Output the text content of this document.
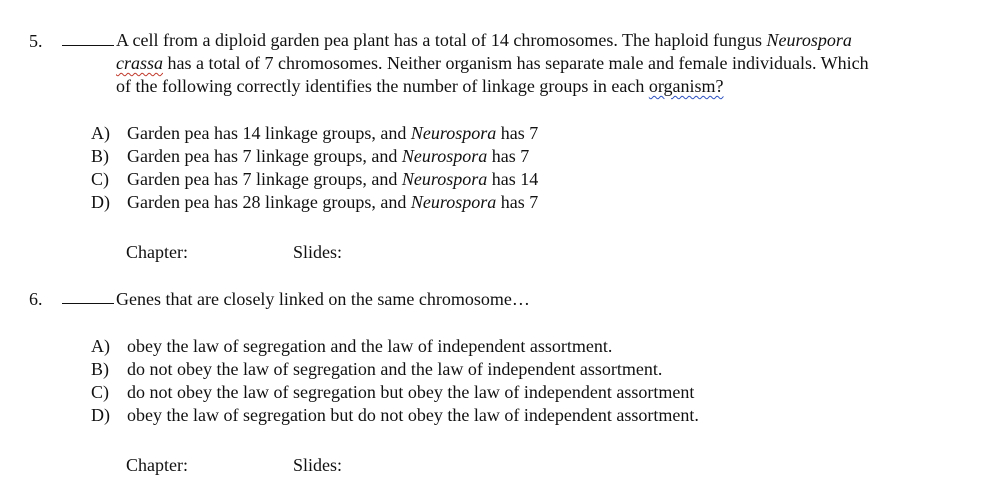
5.	A cell from a diploid garden pea plant has a total of 14 chromosomes. The haploid fungus Neurospora

crassa has a total of 7 chromosomes. Neither organism has separate male and female individuals. Which

of the following correctly identifies the number of linkage groups in each organism?

A) Garden pea has 14 linkage groups, and Neurospora has 7
B) Garden pea has 7 linkage groups, and Neurospora has 7
C) Garden pea has 7 linkage groups, and Neurospora has 14
D) Garden pea has 28 linkage groups, and Neurospora has 7
Chapter:	Slides:
6.	Genes that are closely linked on the same chromosome…

A) obey the law of segregation and the law of independent assortment.
B) do not obey the law of segregation and the law of independent assortment.
C) do not obey the law of segregation but obey the law of independent assortment
D) obey the law of segregation but do not obey the law of independent assortment.
Chapter:	Slides:
